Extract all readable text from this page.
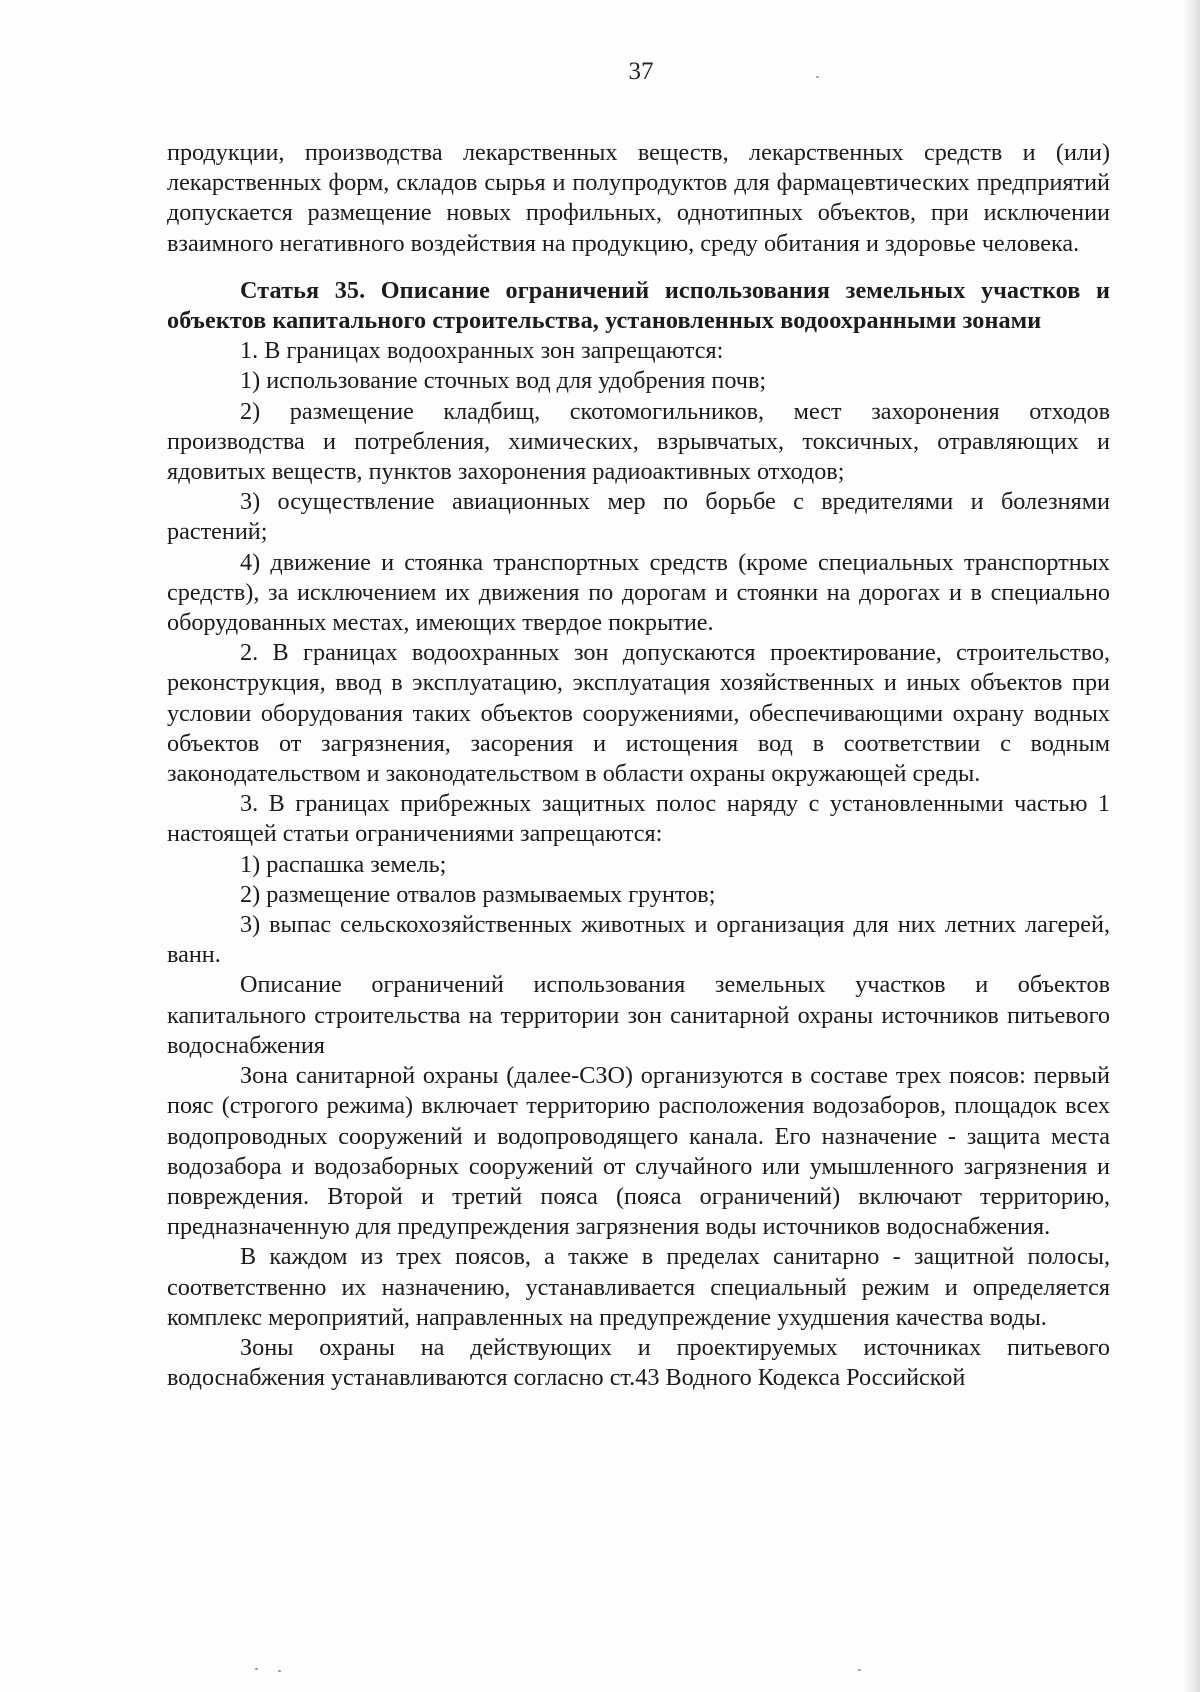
37

продукции, производства лекарственных веществ, лекарственных средств и (или) лекарственных форм, складов сырья и полупродуктов для фармацевтических предприятий допускается размещение новых профильных, однотипных объектов, при исключении взаимного негативного воздействия на продукцию, среду обитания и здоровье человека.

Статья 35. Описание ограничений использования земельных участков и объектов капитального строительства, установленных водоохранными зонами

1. В границах водоохранных зон запрещаются:

1) использование сточных вод для удобрения почв;

2) размещение кладбищ, скотомогильников, мест захоронения отходов производства и потребления, химических, взрывчатых, токсичных, отравляющих и ядовитых веществ, пунктов захоронения радиоактивных отходов;

3) осуществление авиационных мер по борьбе с вредителями и болезнями растений;

4) движение и стоянка транспортных средств (кроме специальных транспортных средств), за исключением их движения по дорогам и стоянки на дорогах и в специально оборудованных местах, имеющих твердое покрытие.

2. В границах водоохранных зон допускаются проектирование, строительство, реконструкция, ввод в эксплуатацию, эксплуатация хозяйственных и иных объектов при условии оборудования таких объектов сооружениями, обеспечивающими охрану водных объектов от загрязнения, засорения и истощения вод в соответствии с водным законодательством и законодательством в области охраны окружающей среды.

3. В границах прибрежных защитных полос наряду с установленными частью 1 настоящей статьи ограничениями запрещаются:

1) распашка земель;

2) размещение отвалов размываемых грунтов;

3) выпас сельскохозяйственных животных и организация для них летних лагерей, ванн.

Описание ограничений использования земельных участков и объектов капитального строительства на территории зон санитарной охраны источников питьевого водоснабжения

Зона санитарной охраны (далее-СЗО) организуются в составе трех поясов: первый пояс (строгого режима) включает территорию расположения водозаборов, площадок всех водопроводных сооружений и водопроводящего канала. Его назначение - защита места водозабора и водозаборных сооружений от случайного или умышленного загрязнения и повреждения. Второй и третий пояса (пояса ограничений) включают территорию, предназначенную для предупреждения загрязнения воды источников водоснабжения.

В каждом из трех поясов, а также в пределах санитарно - защитной полосы, соответственно их назначению, устанавливается специальный режим и определяется комплекс мероприятий, направленных на предупреждение ухудшения качества воды.

Зоны охраны на действующих и проектируемых источниках питьевого водоснабжения устанавливаются согласно ст.43 Водного Кодекса Российской
